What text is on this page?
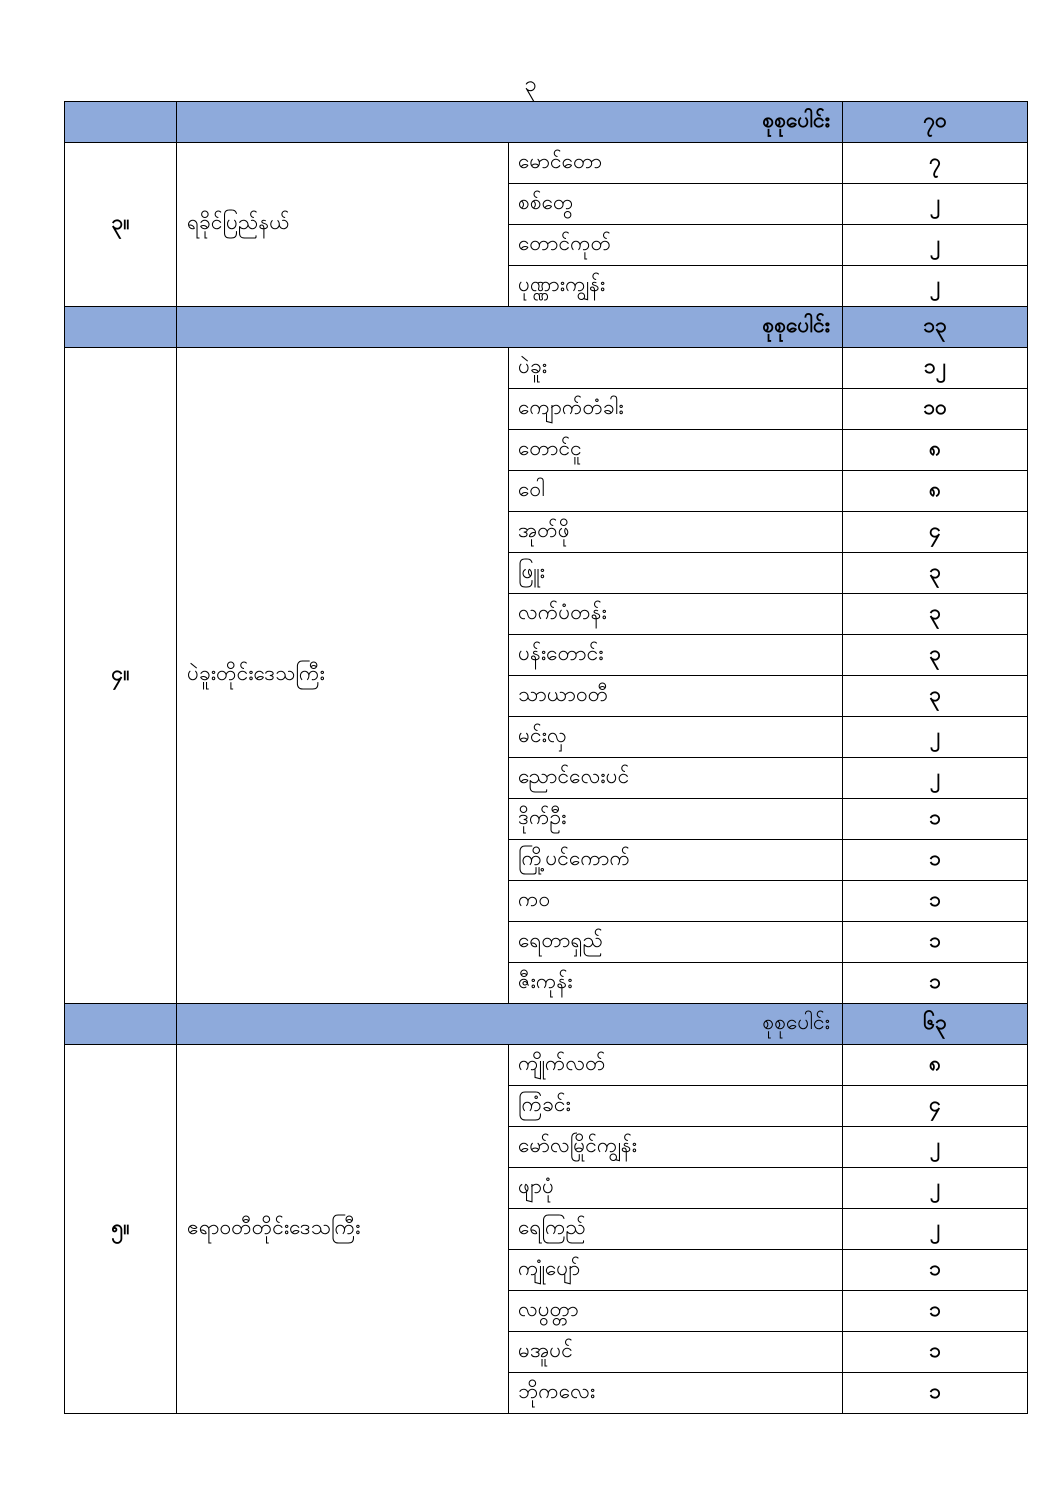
၃
	စုစုပေါင်း		၇၀
၃။	ရခိုင်ပြည်နယ်	မောင်တော	၇
		စစ်တွေ	၂
		တောင်ကုတ်	၂
		ပုဏ္ဏားကျွန်း	၂
	စုစုပေါင်း		၁၃
၄။	ပဲခူးတိုင်းဒေသကြီး	ပဲခူး	၁၂
		ကျောက်တံခါး	၁၀
		တောင်ငူ	၈
		ဝေါ	၈
		အုတ်ဖို	၄
		ဖြူး	၃
		လက်ပံတန်း	၃
		ပန်းတောင်း	၃
		သာယာဝတီ	၃
		မင်းလှ	၂
		ညောင်လေးပင်	၂
		ဒိုက်ဦး	၁
		ကြို့ပင်ကောက်	၁
		ကဝ	၁
		ရေတာရှည်	၁
		ဇီးကုန်း	၁
	စုစုပေါင်း		၆၃
၅။	ဧရာဝတီတိုင်းဒေသကြီး	ကျိုက်လတ်	၈
		ကြံခင်း	၄
		မော်လမြိုင်ကျွန်း	၂
		ဖျာပုံ	၂
		ရေကြည်	၂
		ကျုံပျော်	၁
		လပွတ္တာ	၁
		မအူပင်	၁
		ဘိုကလေး	၁
